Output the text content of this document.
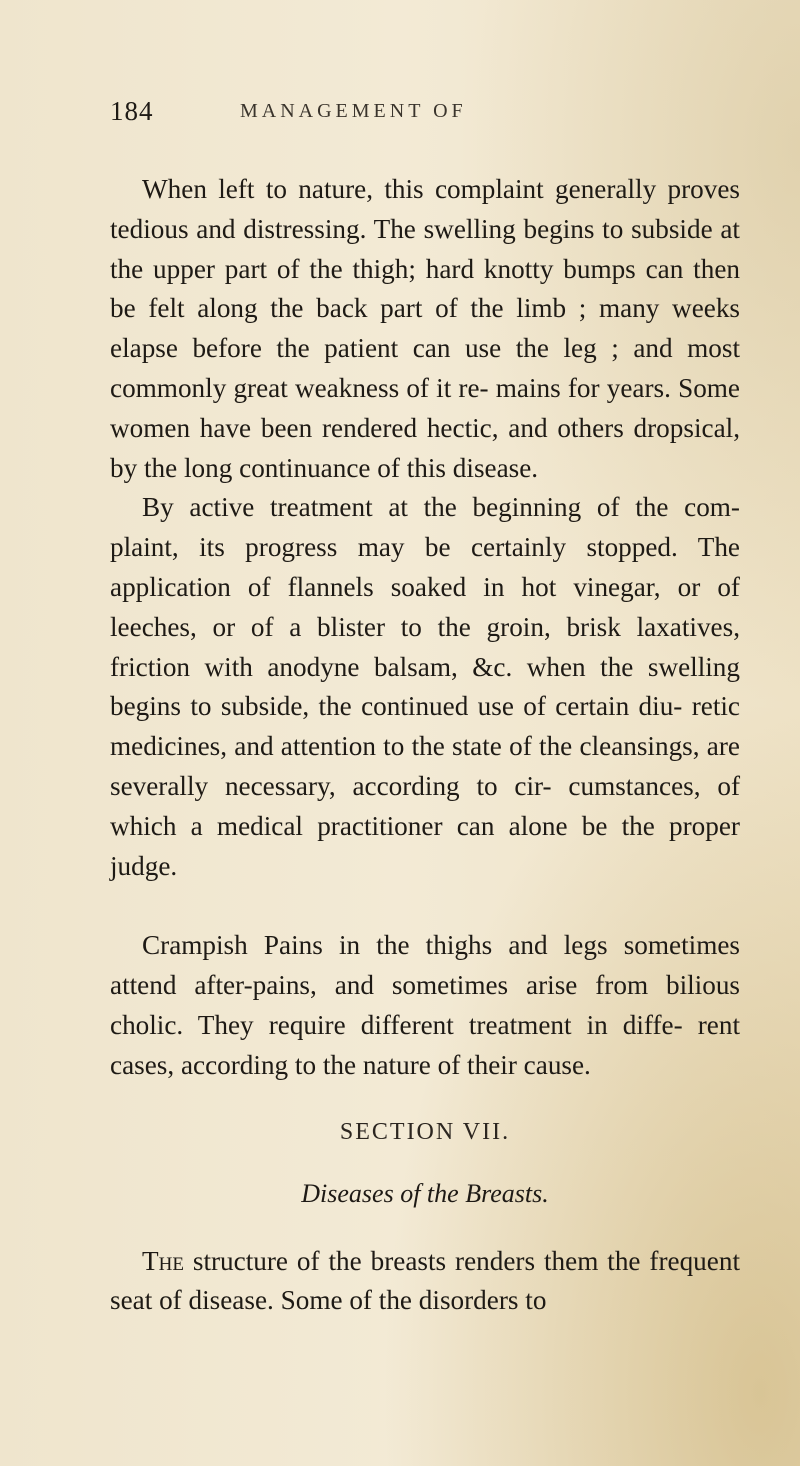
184	MANAGEMENT OF

When left to nature, this complaint generally proves tedious and distressing. The swelling begins to subside at the upper part of the thigh; hard knotty bumps can then be felt along the back part of the limb ; many weeks elapse before the patient can use the leg ; and most commonly great weakness of it re- mains for years. Some women have been rendered hectic, and others dropsical, by the long continuance of this disease.

By active treatment at the beginning of the com- plaint, its progress may be certainly stopped. The application of flannels soaked in hot vinegar, or of leeches, or of a blister to the groin, brisk laxatives, friction with anodyne balsam, &c. when the swelling begins to subside, the continued use of certain diu- retic medicines, and attention to the state of the cleansings, are severally necessary, according to cir- cumstances, of which a medical practitioner can alone be the proper judge.

Crampish Pains in the thighs and legs sometimes attend after-pains, and sometimes arise from bilious cholic. They require different treatment in diffe- rent cases, according to the nature of their cause.

SECTION VII.

Diseases of the Breasts.

The structure of the breasts renders them the frequent seat of disease. Some of the disorders to
